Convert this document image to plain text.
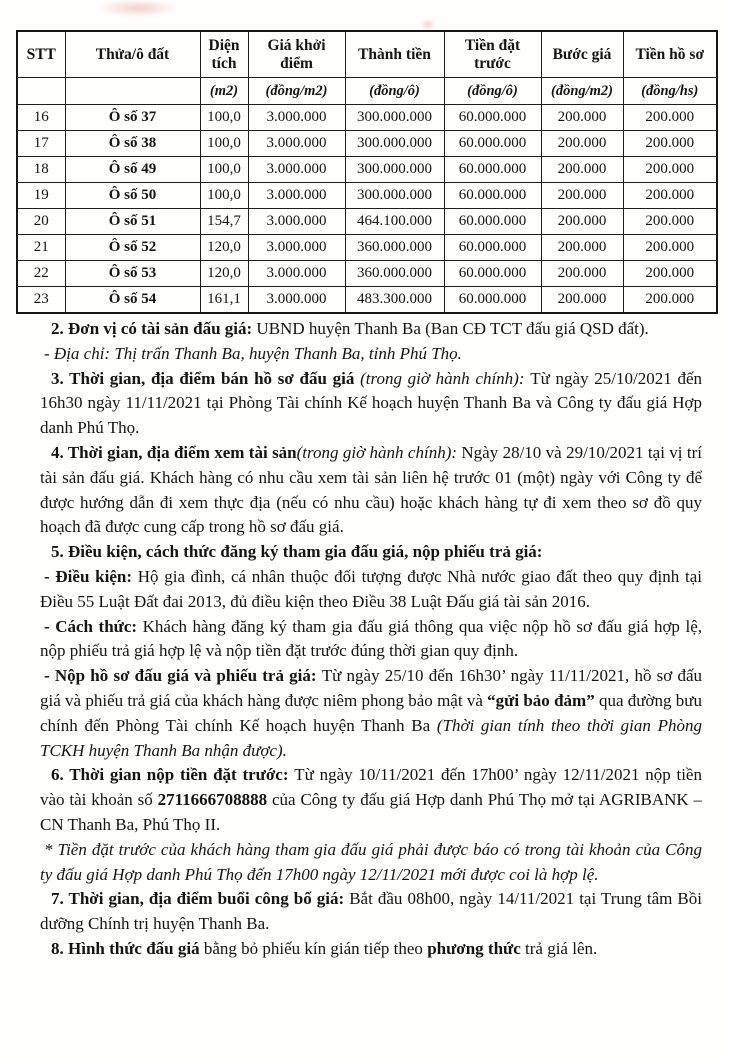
STT	Thửa/ô đất	Diện tích	Giá khởi điểm	Thành tiền	Tiền đặt trước	Bước giá	Tiền hồ sơ
		(m2)	(đồng/m2)	(đồng/ô)	(đồng/ô)	(đồng/m2)	(đồng/hs)
16	Ô số 37	100,0	3.000.000	300.000.000	60.000.000	200.000	200.000
17	Ô số 38	100,0	3.000.000	300.000.000	60.000.000	200.000	200.000
18	Ô số 49	100,0	3.000.000	300.000.000	60.000.000	200.000	200.000
19	Ô số 50	100,0	3.000.000	300.000.000	60.000.000	200.000	200.000
20	Ô số 51	154,7	3.000.000	464.100.000	60.000.000	200.000	200.000
21	Ô số 52	120,0	3.000.000	360.000.000	60.000.000	200.000	200.000
22	Ô số 53	120,0	3.000.000	360.000.000	60.000.000	200.000	200.000
23	Ô số 54	161,1	3.000.000	483.300.000	60.000.000	200.000	200.000

2. Đơn vị có tài sản đấu giá: UBND huyện Thanh Ba (Ban CĐ TCT đấu giá QSD đất).

- Địa chỉ: Thị trấn Thanh Ba, huyện Thanh Ba, tỉnh Phú Thọ.

3. Thời gian, địa điểm bán hồ sơ đấu giá (trong giờ hành chính): Từ ngày 25/10/2021 đến 16h30 ngày 11/11/2021 tại Phòng Tài chính Kế hoạch huyện Thanh Ba và Công ty đấu giá Hợp danh Phú Thọ.

4. Thời gian, địa điểm xem tài sản(trong giờ hành chính): Ngày 28/10 và 29/10/2021 tại vị trí tài sản đấu giá. Khách hàng có nhu cầu xem tài sản liên hệ trước 01 (một) ngày với Công ty để được hướng dẫn đi xem thực địa (nếu có nhu cầu) hoặc khách hàng tự đi xem theo sơ đồ quy hoạch đã được cung cấp trong hồ sơ đấu giá.

5. Điều kiện, cách thức đăng ký tham gia đấu giá, nộp phiếu trả giá:

- Điều kiện: Hộ gia đình, cá nhân thuộc đối tượng được Nhà nước giao đất theo quy định tại Điều 55 Luật Đất đai 2013, đủ điều kiện theo Điều 38 Luật Đấu giá tài sản 2016.

- Cách thức: Khách hàng đăng ký tham gia đấu giá thông qua việc nộp hồ sơ đấu giá hợp lệ, nộp phiếu trả giá hợp lệ và nộp tiền đặt trước đúng thời gian quy định.

- Nộp hồ sơ đấu giá và phiếu trả giá: Từ ngày 25/10 đến 16h30’ ngày 11/11/2021, hồ sơ đấu giá và phiếu trả giá của khách hàng được niêm phong bảo mật và “gửi bảo đảm” qua đường bưu chính đến Phòng Tài chính Kế hoạch huyện Thanh Ba (Thời gian tính theo thời gian Phòng TCKH huyện Thanh Ba nhận được).

6. Thời gian nộp tiền đặt trước: Từ ngày 10/11/2021 đến 17h00’ ngày 12/11/2021 nộp tiền vào tài khoản số 2711666708888 của Công ty đấu giá Hợp danh Phú Thọ mở tại AGRIBANK – CN Thanh Ba, Phú Thọ II.

* Tiền đặt trước của khách hàng tham gia đấu giá phải được báo có trong tài khoản của Công ty đấu giá Hợp danh Phú Thọ đến 17h00 ngày 12/11/2021 mới được coi là hợp lệ.

7. Thời gian, địa điểm buổi công bố giá: Bắt đầu 08h00, ngày 14/11/2021 tại Trung tâm Bồi dưỡng Chính trị huyện Thanh Ba.

8. Hình thức đấu giá bằng bỏ phiếu kín gián tiếp theo phương thức trả giá lên.
